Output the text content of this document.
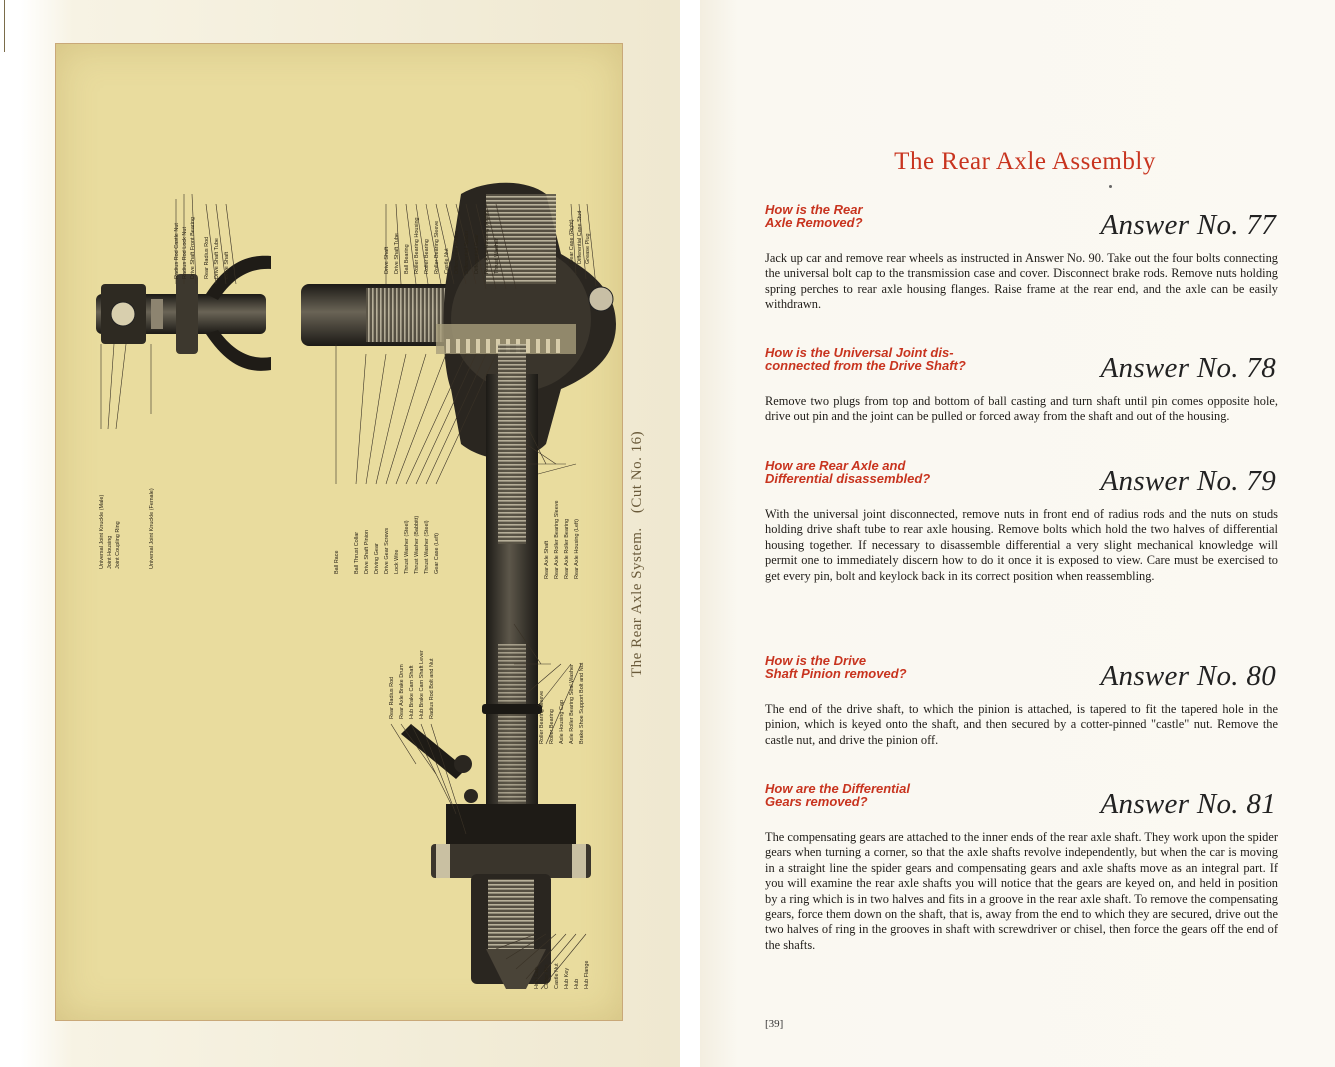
Radius Rod Castle Nut Radius Rod Lock Nut Drive Shaft Front Bearing Rear Radius Rod Drive Shaft Tube Drive Shaft
Universal Joint Knuckle (Male) Joint Housing Joint Coupling Ring	Universal Joint Knuckle (Female)
Drive Shaft Drive Shaft Tube Ball Bearing Roller Bearing Housing Roller Bearing Roller Bearing Sleeve Castle Nut Differential Pinion Differential Spider Differential Gear Rear Axle Housing (Right) Thrust Washer
Ball Race	Ball Thrust Collar Drive Shaft Pinion Driving Gear Drive Gear Screws Lock Wire Thrust Washer (Steel) Thrust Washer (Babbitt) Thrust Washer (Steel) Gear Case (Left)
Gear Case (Right) Differential Case Stud Grease Plug
Rear Axle Shaft Rear Axle Roller Bearing Sleeve Rear Axle Roller Bearing Rear Axle Housing (Left)
Rear Radius Rod Rear Axle Brake Drum Hub Brake Cam Shaft Hub Brake Cam Shaft Lever Radius Rod Bolt and Nut	Roller Bearing Sleeve Roller Bearing Axle Housing Cap Axle Roller Bearing Seal Washer Brake Shoe Support Bolt and Nut
Hub Cap Cotter Pin Castle Nut Hub Key Hub Hub Flange
The Rear Axle System. (Cut No. 16)
The Rear Axle Assembly
How is the Rear
Axle Removed?	Answer No. 77

Jack up car and remove rear wheels as instructed in Answer No. 90. Take out the four bolts connecting the universal bolt cap to the transmission case and cover. Disconnect brake rods. Remove nuts holding spring perches to rear axle housing flanges. Raise frame at the rear end, and the axle can be easily withdrawn.

How is the Universal Joint dis-
connected from the Drive Shaft?	Answer No. 78

Remove two plugs from top and bottom of ball casting and turn shaft until pin comes opposite hole, drive out pin and the joint can be pulled or forced away from the shaft and out of the housing.

How are Rear Axle and
Differential disassembled?	Answer No. 79

With the universal joint disconnected, remove nuts in front end of radius rods and the nuts on studs holding drive shaft tube to rear axle housing. Remove bolts which hold the two halves of differential housing together. If necessary to disassemble differential a very slight mechanical knowledge will permit one to immediately discern how to do it once it is exposed to view. Care must be exercised to get every pin, bolt and keylock back in its correct position when reassembling.

How is the Drive
Shaft Pinion removed?	Answer No. 80

The end of the drive shaft, to which the pinion is attached, is tapered to fit the tapered hole in the pinion, which is keyed onto the shaft, and then secured by a cotter-pinned "castle" nut. Remove the castle nut, and drive the pinion off.

How are the Differential
Gears removed?	Answer No. 81

The compensating gears are attached to the inner ends of the rear axle shaft. They work upon the spider gears when turning a corner, so that the axle shafts revolve independently, but when the car is moving in a straight line the spider gears and compensating gears and axle shafts move as an integral part. If you will examine the rear axle shafts you will notice that the gears are keyed on, and held in position by a ring which is in two halves and fits in a groove in the rear axle shaft. To remove the compensating gears, force them down on the shaft, that is, away from the end to which they are secured, drive out the two halves of ring in the grooves in shaft with screwdriver or chisel, then force the gears off the end of the shafts.

[39]
